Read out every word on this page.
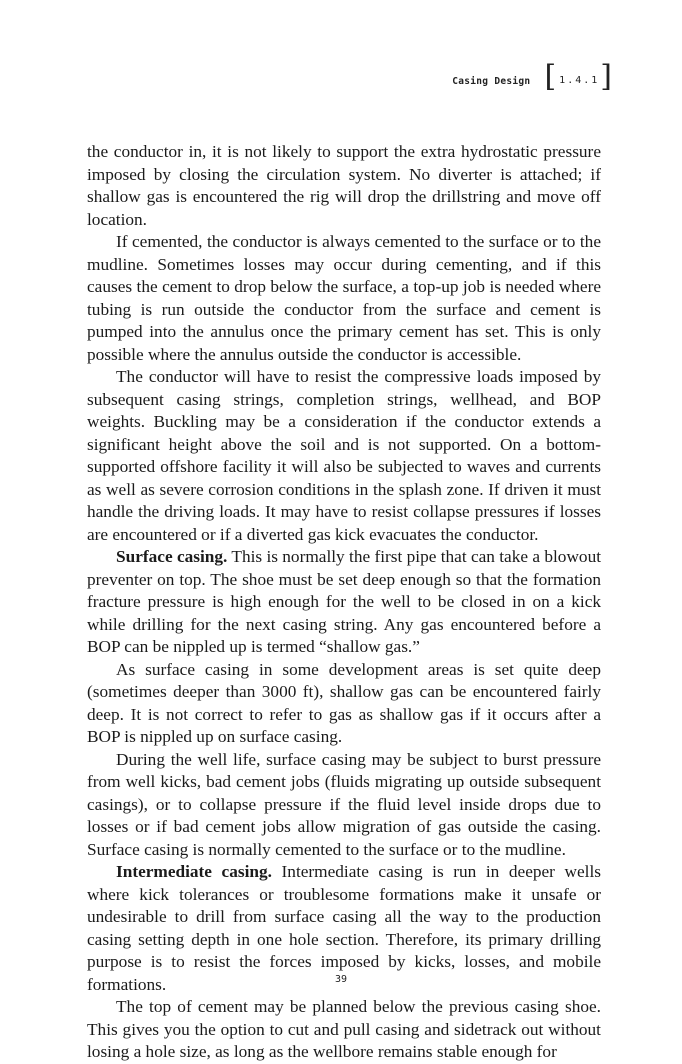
Casing Design [ 1.4.1 ]

the conductor in, it is not likely to support the extra hydrostatic pressure imposed by closing the circulation system. No diverter is attached; if shallow gas is encountered the rig will drop the drillstring and move off location.

If cemented, the conductor is always cemented to the surface or to the mudline. Sometimes losses may occur during cementing, and if this causes the cement to drop below the surface, a top-up job is needed where tubing is run outside the conductor from the surface and cement is pumped into the annulus once the primary cement has set. This is only possible where the annulus outside the conductor is accessible.

The conductor will have to resist the compressive loads imposed by subsequent casing strings, completion strings, wellhead, and BOP weights. Buckling may be a consideration if the conductor extends a significant height above the soil and is not supported. On a bottom-supported offshore facility it will also be subjected to waves and currents as well as severe corrosion conditions in the splash zone. If driven it must handle the driving loads. It may have to resist collapse pressures if losses are encountered or if a diverted gas kick evacuates the conductor.

Surface casing. This is normally the first pipe that can take a blowout preventer on top. The shoe must be set deep enough so that the formation fracture pressure is high enough for the well to be closed in on a kick while drilling for the next casing string. Any gas encountered before a BOP can be nippled up is termed “shallow gas.”

As surface casing in some development areas is set quite deep (sometimes deeper than 3000 ft), shallow gas can be encountered fairly deep. It is not correct to refer to gas as shallow gas if it occurs after a BOP is nippled up on surface casing.

During the well life, surface casing may be subject to burst pressure from well kicks, bad cement jobs (fluids migrating up outside subsequent casings), or to collapse pressure if the fluid level inside drops due to losses or if bad cement jobs allow migration of gas outside the casing. Surface casing is normally cemented to the surface or to the mudline.

Intermediate casing. Intermediate casing is run in deeper wells where kick tolerances or troublesome formations make it unsafe or undesirable to drill from surface casing all the way to the production casing setting depth in one hole section. Therefore, its primary drilling purpose is to resist the forces imposed by kicks, losses, and mobile formations.

The top of cement may be planned below the previous casing shoe. This gives you the option to cut and pull casing and sidetrack out without losing a hole size, as long as the wellbore remains stable enough for

39
